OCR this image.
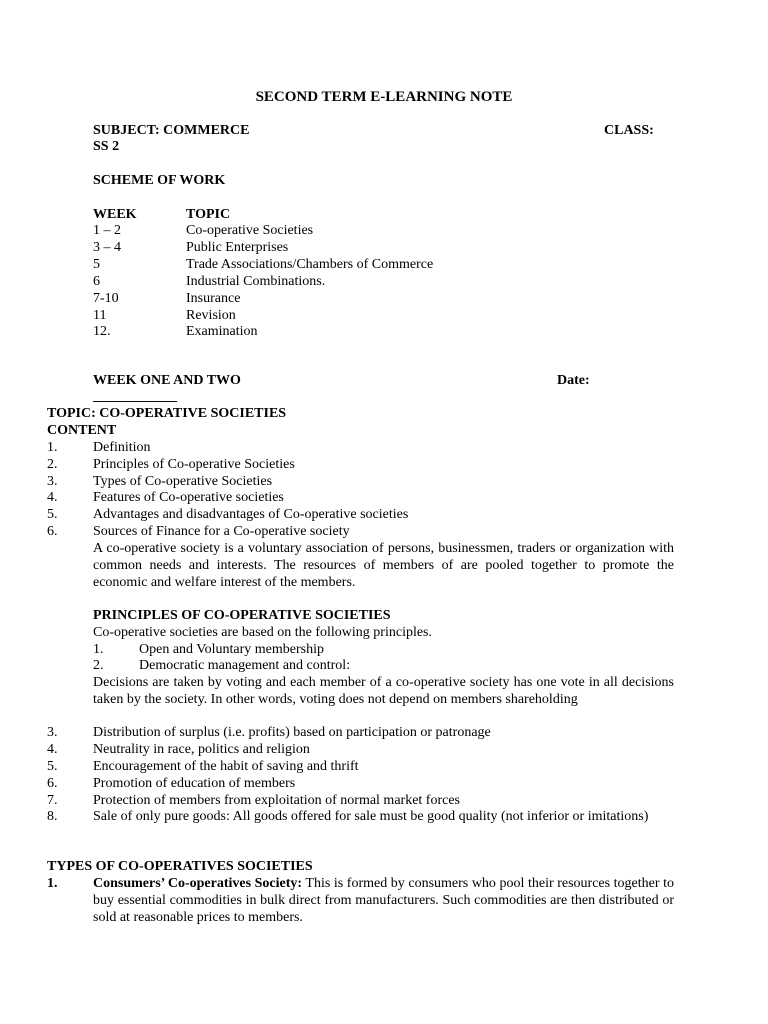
SECOND TERM E-LEARNING NOTE
SUBJECT: COMMERCE	CLASS:
SS 2
SCHEME OF WORK
WEEK	TOPIC
1 – 2	Co-operative Societies
3 – 4	Public Enterprises
5	Trade Associations/Chambers of Commerce
6	Industrial Combinations.
7-10	Insurance
11	Revision
12.	Examination
WEEK ONE AND TWO	Date:
____________
TOPIC: CO-OPERATIVE SOCIETIES
CONTENT
1.	Definition
2.	Principles of Co-operative Societies
3.	Types of Co-operative Societies
4.	Features of Co-operative societies
5.	Advantages and disadvantages of Co-operative societies
6.	Sources of Finance for a Co-operative society
A co-operative society is a voluntary association of persons, businessmen, traders or organization with common needs and interests. The resources of members of are pooled together to promote the economic and welfare interest of the members.
PRINCIPLES OF CO-OPERATIVE SOCIETIES
Co-operative societies are based on the following principles.
1.	Open and Voluntary membership
2.	Democratic management and control:
Decisions are taken by voting and each member of a co-operative society has one vote in all decisions taken by the society. In other words, voting does not depend on members shareholding
3.	Distribution of surplus (i.e. profits) based on participation or patronage
4.	Neutrality in race, politics and religion
5.	Encouragement of the habit of saving and thrift
6.	Promotion of education of members
7.	Protection of members from exploitation of normal market forces
8.	Sale of only pure goods: All goods offered for sale must be good quality (not inferior or imitations)
TYPES OF CO-OPERATIVES SOCIETIES
1.	Consumers’ Co-operatives Society: This is formed by consumers who pool their resources together to buy essential commodities in bulk direct from manufacturers. Such commodities are then distributed or sold at reasonable prices to members.
